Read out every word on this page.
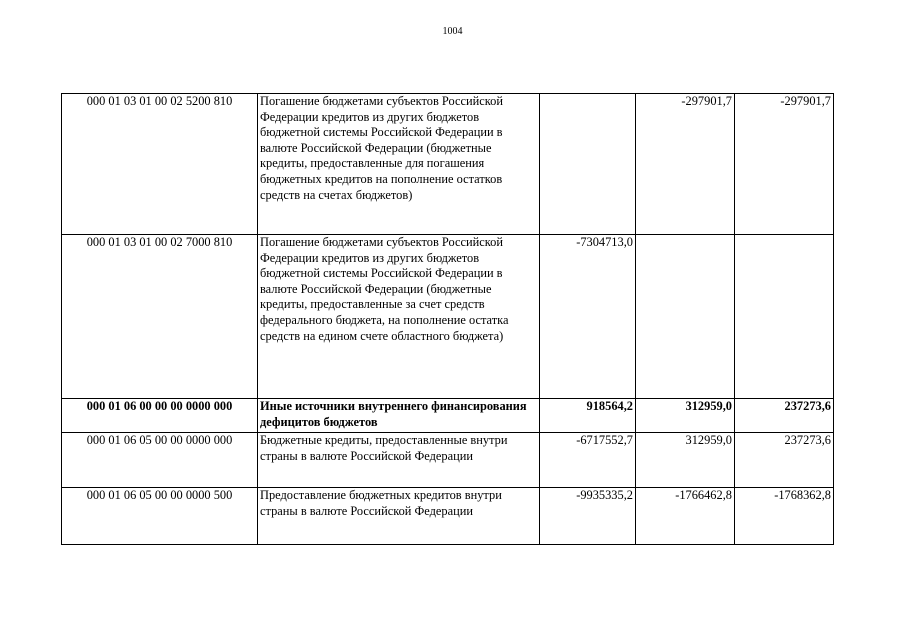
1004
000 01 03 01 00 02 5200 810	Погашение бюджетами субъектов Российской Федерации кредитов из других бюджетов бюджетной системы Российской Федерации в валюте Российской Федерации (бюджетные кредиты, предоставленные для погашения бюджетных кредитов на пополнение остатков средств на счетах бюджетов)		-297901,7	-297901,7
000 01 03 01 00 02 7000 810	Погашение бюджетами субъектов Российской Федерации кредитов из других бюджетов бюджетной системы Российской Федерации в валюте Российской Федерации (бюджетные кредиты, предоставленные за счет средств федерального бюджета, на пополнение остатка средств на едином счете областного бюджета)	-7304713,0		
000 01 06 00 00 00 0000 000	Иные источники внутреннего финансирования дефицитов бюджетов	918564,2	312959,0	237273,6
000 01 06 05 00 00 0000 000	Бюджетные кредиты, предоставленные внутри страны в валюте Российской Федерации	-6717552,7	312959,0	237273,6
000 01 06 05 00 00 0000 500	Предоставление бюджетных кредитов внутри страны в валюте Российской Федерации	-9935335,2	-1766462,8	-1768362,8
